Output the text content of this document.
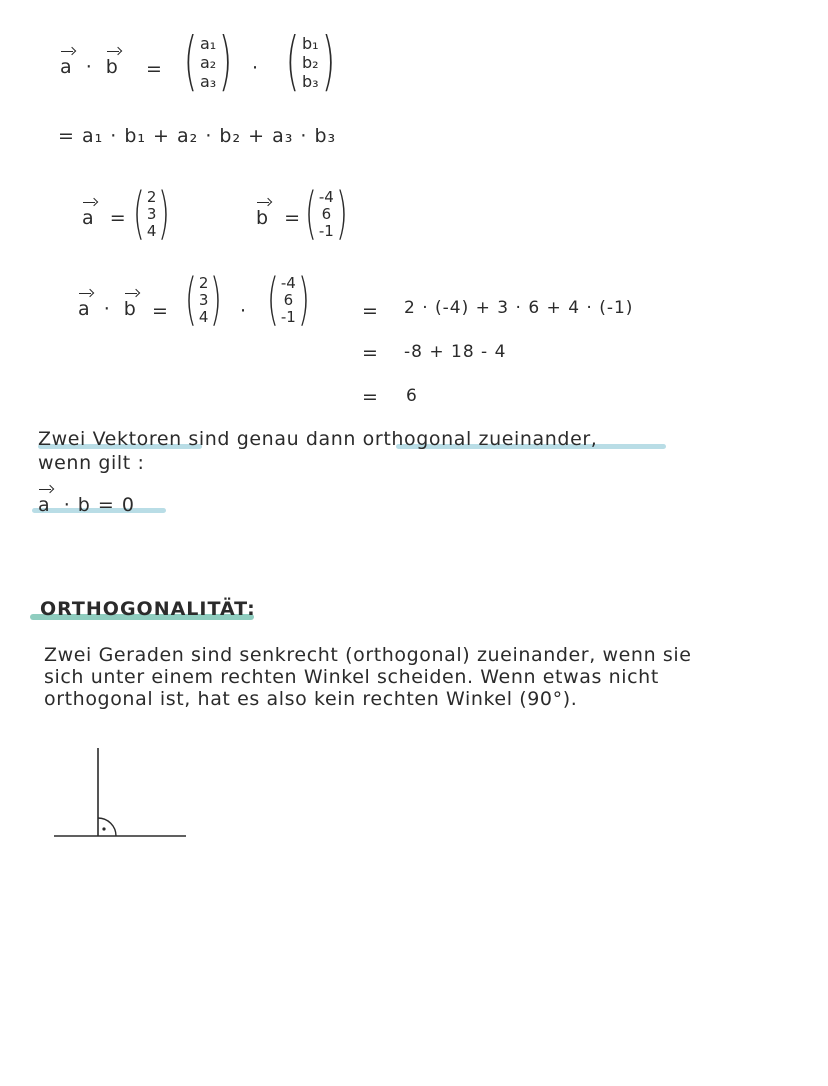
a · b = ( a₁
a₂
a₃ ) · ( b₁
b₂
b₃ )
= a₁ · b₁ + a₂ · b₂ + a₃ · b₃
a = ( 2
3
4 )	b = ( -4
6
-1 )
a · b = ( 2
3
4 ) · ( -4
6
-1 )	= 2 · (-4) + 3 · 6 + 4 · (-1)
= -8 + 18 - 4
= 6
Zwei Vektoren sind genau dann orthogonal zueinander,
wenn gilt :
a · b = 0
ORTHOGONALITÄT:
Zwei Geraden sind senkrecht (orthogonal) zueinander, wenn sie
sich unter einem rechten Winkel scheiden. Wenn etwas nicht
orthogonal ist, hat es also kein rechten Winkel (90°).
